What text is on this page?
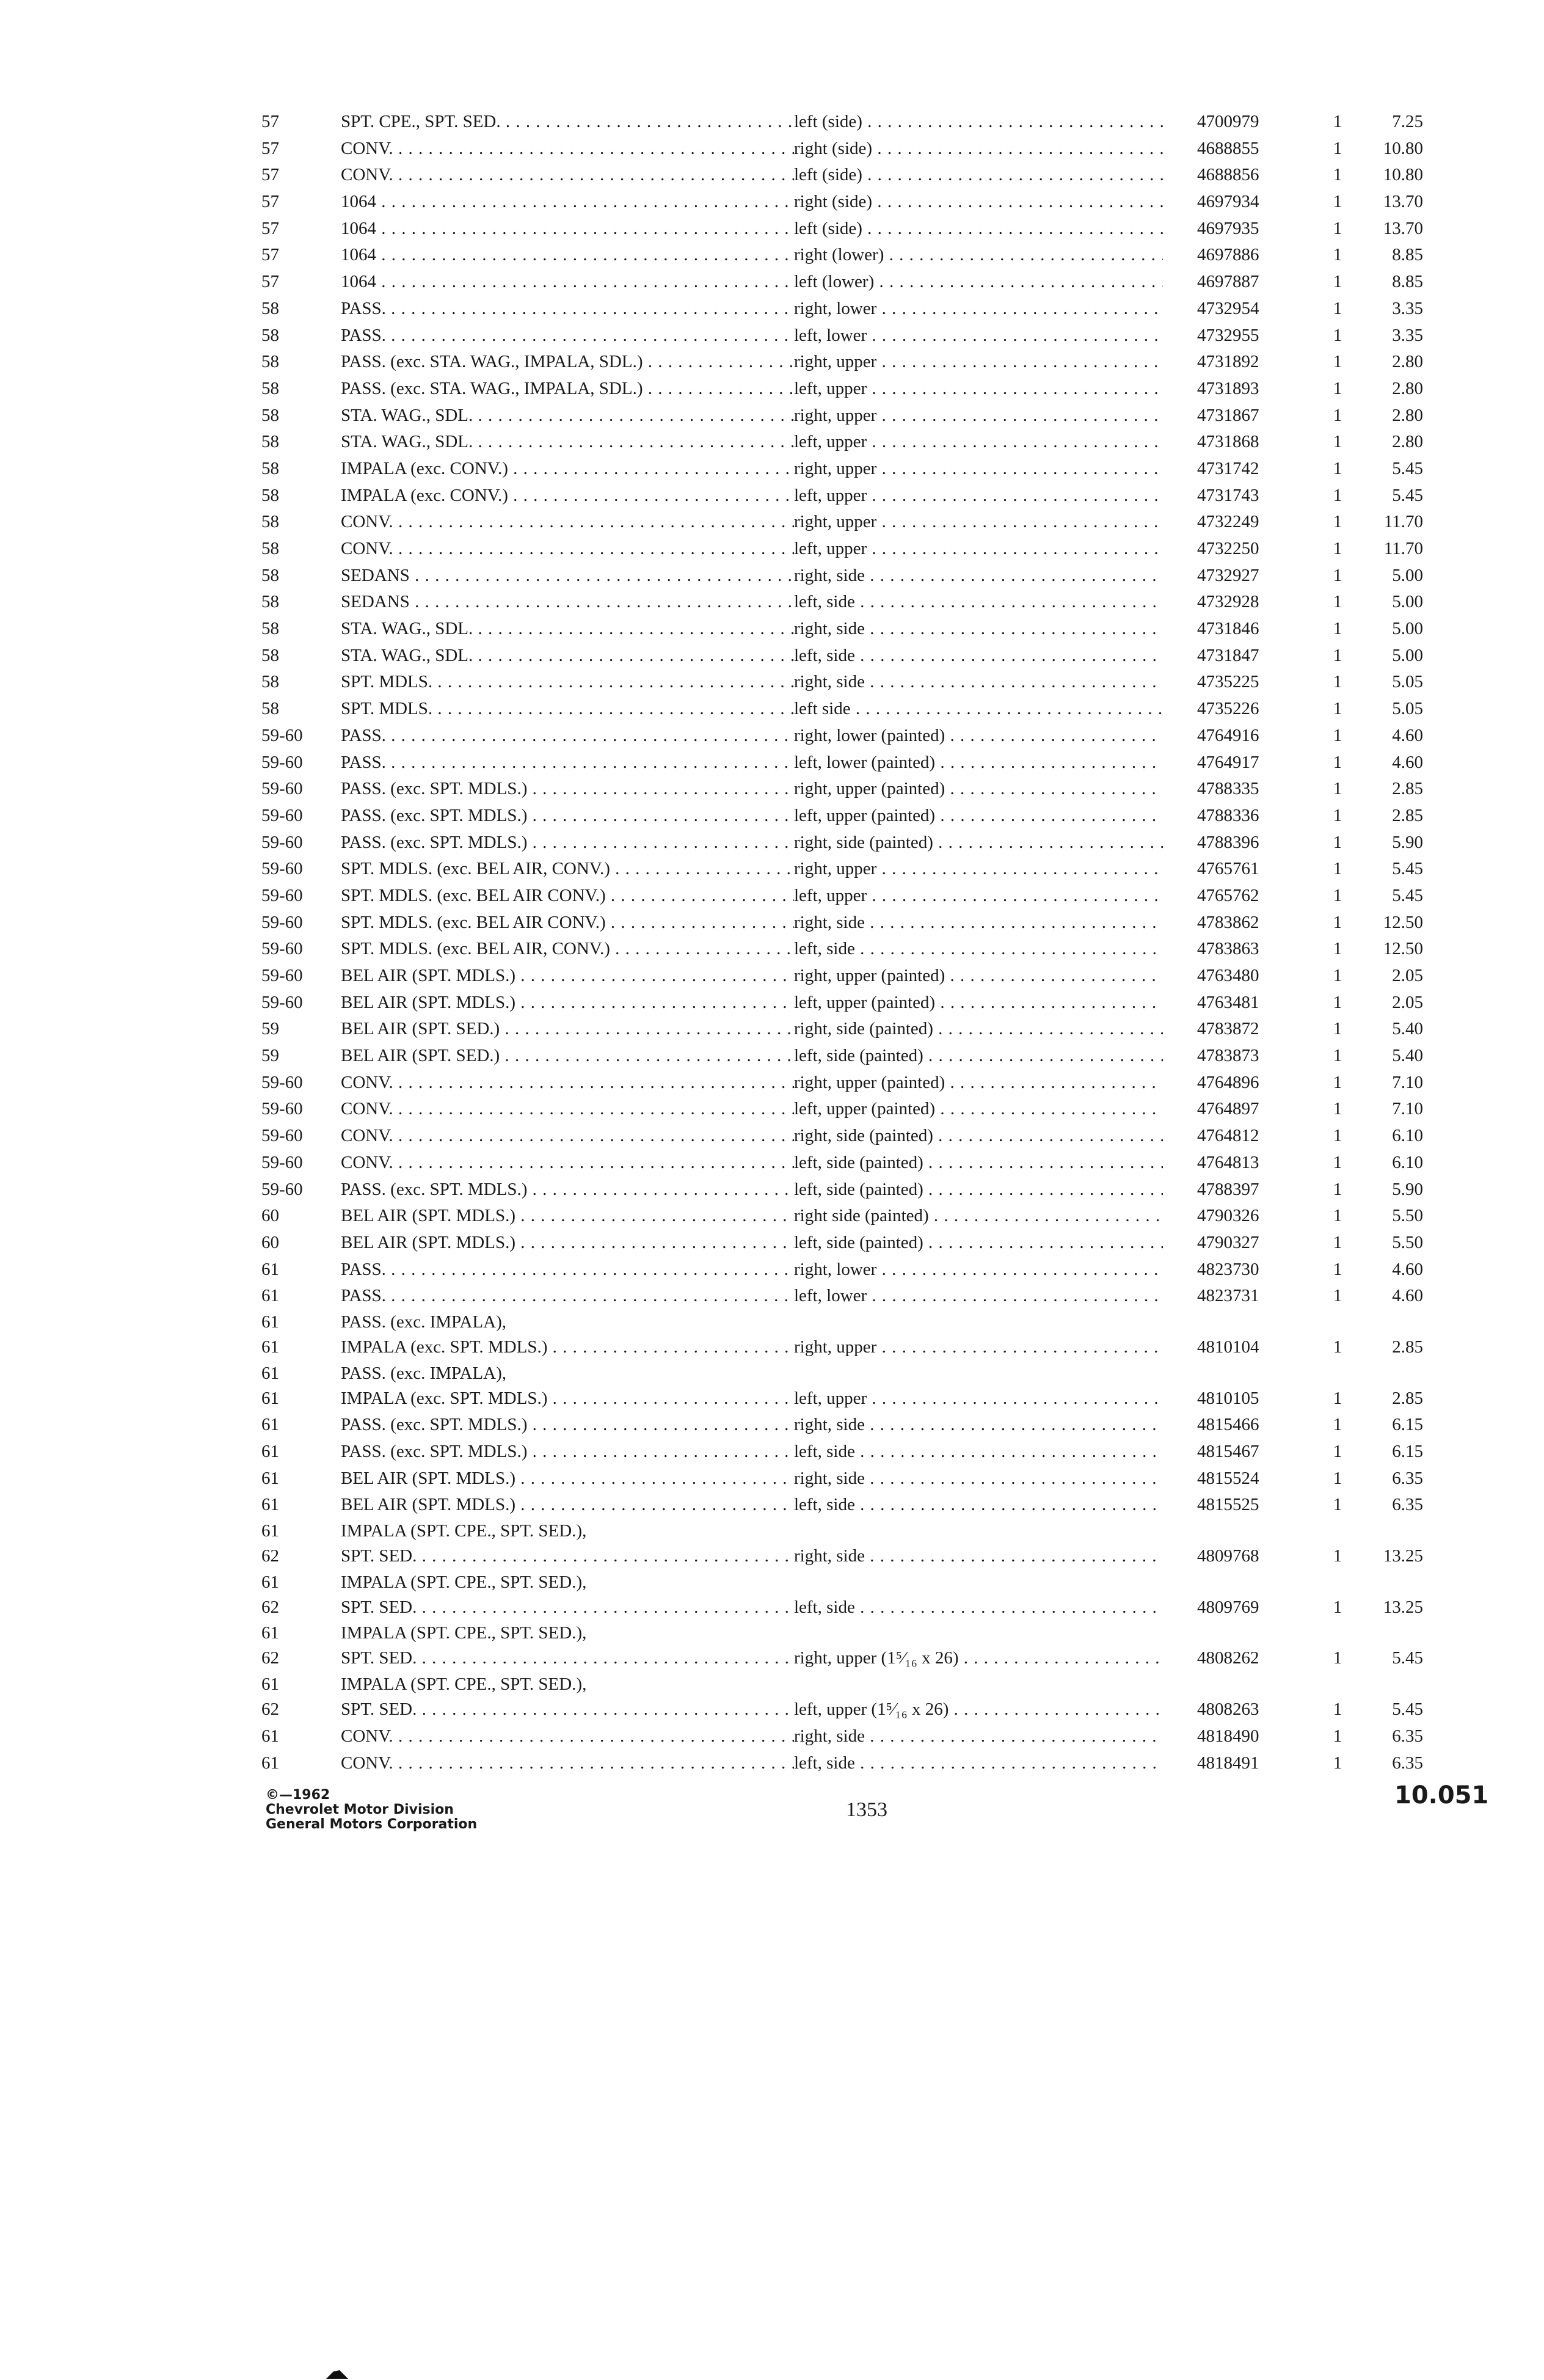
57	SPT. CPE., SPT. SED. . . .	left (side) . . .	4700979	1	7.25
57	CONV. . . .	right (side) . . .	4688855	1	10.80
57	CONV. . . .	left (side) . . .	4688856	1	10.80
57	1064 . . .	right (side) . . .	4697934	1	13.70
57	1064 . . .	left (side) . . .	4697935	1	13.70
57	1064 . . .	right (lower) . . .	4697886	1	8.85
57	1064 . . .	left (lower) . . .	4697887	1	8.85
58	PASS. . . .	right, lower . . .	4732954	1	3.35
58	PASS. . . .	left, lower . . .	4732955	1	3.35
58	PASS. (exc. STA. WAG., IMPALA, SDL.) . . .	right, upper . . .	4731892	1	2.80
58	PASS. (exc. STA. WAG., IMPALA, SDL.) . . .	left, upper . . .	4731893	1	2.80
58	STA. WAG., SDL. . . .	right, upper . . .	4731867	1	2.80
58	STA. WAG., SDL. . . .	left, upper . . .	4731868	1	2.80
58	IMPALA (exc. CONV.) . . .	right, upper . . .	4731742	1	5.45
58	IMPALA (exc. CONV.) . . .	left, upper . . .	4731743	1	5.45
58	CONV. . . .	right, upper . . .	4732249	1	11.70
58	CONV. . . .	left, upper . . .	4732250	1	11.70
58	SEDANS . . .	right, side . . .	4732927	1	5.00
58	SEDANS . . .	left, side . . .	4732928	1	5.00
58	STA. WAG., SDL. . . .	right, side . . .	4731846	1	5.00
58	STA. WAG., SDL. . . .	left, side . . .	4731847	1	5.00
58	SPT. MDLS. . . .	right, side . . .	4735225	1	5.05
58	SPT. MDLS. . . .	left side . . .	4735226	1	5.05
59-60	PASS. . . .	right, lower (painted) . . .	4764916	1	4.60
59-60	PASS. . . .	left, lower (painted) . . .	4764917	1	4.60
59-60	PASS. (exc. SPT. MDLS.) . . .	right, upper (painted) . . .	4788335	1	2.85
59-60	PASS. (exc. SPT. MDLS.) . . .	left, upper (painted) . . .	4788336	1	2.85
59-60	PASS. (exc. SPT. MDLS.) . . .	right, side (painted) . . .	4788396	1	5.90
59-60	SPT. MDLS. (exc. BEL AIR, CONV.) . . .	right, upper . . .	4765761	1	5.45
59-60	SPT. MDLS. (exc. BEL AIR CONV.) . . .	left, upper . . .	4765762	1	5.45
59-60	SPT. MDLS. (exc. BEL AIR CONV.) . . .	right, side . . .	4783862	1	12.50
59-60	SPT. MDLS. (exc. BEL AIR, CONV.) . . .	left, side . . .	4783863	1	12.50
59-60	BEL AIR (SPT. MDLS.) . . .	right, upper (painted) . . .	4763480	1	2.05
59-60	BEL AIR (SPT. MDLS.) . . .	left, upper (painted) . . .	4763481	1	2.05
59	BEL AIR (SPT. SED.) . . .	right, side (painted) . . .	4783872	1	5.40
59	BEL AIR (SPT. SED.) . . .	left, side (painted) . . .	4783873	1	5.40
59-60	CONV. . . .	right, upper (painted) . . .	4764896	1	7.10
59-60	CONV. . . .	left, upper (painted) . . .	4764897	1	7.10
59-60	CONV. . . .	right, side (painted) . . .	4764812	1	6.10
59-60	CONV. . . .	left, side (painted) . . .	4764813	1	6.10
59-60	PASS. (exc. SPT. MDLS.) . . .	left, side (painted) . . .	4788397	1	5.90
60	BEL AIR (SPT. MDLS.) . . .	right side (painted) . . .	4790326	1	5.50
60	BEL AIR (SPT. MDLS.) . . .	left, side (painted) . . .	4790327	1	5.50
61	PASS. . . .	right, lower . . .	4823730	1	4.60
61	PASS. . . .	left, lower . . .	4823731	1	4.60
61	PASS. (exc. IMPALA),
61	IMPALA (exc. SPT. MDLS.) . . .	right, upper . . .	4810104	1	2.85
61	PASS. (exc. IMPALA),
61	IMPALA (exc. SPT. MDLS.) . . .	left, upper . . .	4810105	1	2.85
61	PASS. (exc. SPT. MDLS.) . . .	right, side . . .	4815466	1	6.15
61	PASS. (exc. SPT. MDLS.) . . .	left, side . . .	4815467	1	6.15
61	BEL AIR (SPT. MDLS.) . . .	right, side . . .	4815524	1	6.35
61	BEL AIR (SPT. MDLS.) . . .	left, side . . .	4815525	1	6.35
61	IMPALA (SPT. CPE., SPT. SED.),
62	SPT. SED. . . .	right, side . . .	4809768	1	13.25
61	IMPALA (SPT. CPE., SPT. SED.),
62	SPT. SED. . . .	left, side . . .	4809769	1	13.25
61	IMPALA (SPT. CPE., SPT. SED.),
62	SPT. SED. . . .	right, upper (1⁵⁄₁₆ x 26) . . .	4808262	1	5.45
61	IMPALA (SPT. CPE., SPT. SED.),
62	SPT. SED. . . .	left, upper (1⁵⁄₁₆ x 26) . . .	4808263	1	5.45
61	CONV. . . .	right, side . . .	4818490	1	6.35
61	CONV. . . .	left, side . . .	4818491	1	6.35
©—1962
Chevrolet Motor Division
General Motors Corporation
1353
10.051
